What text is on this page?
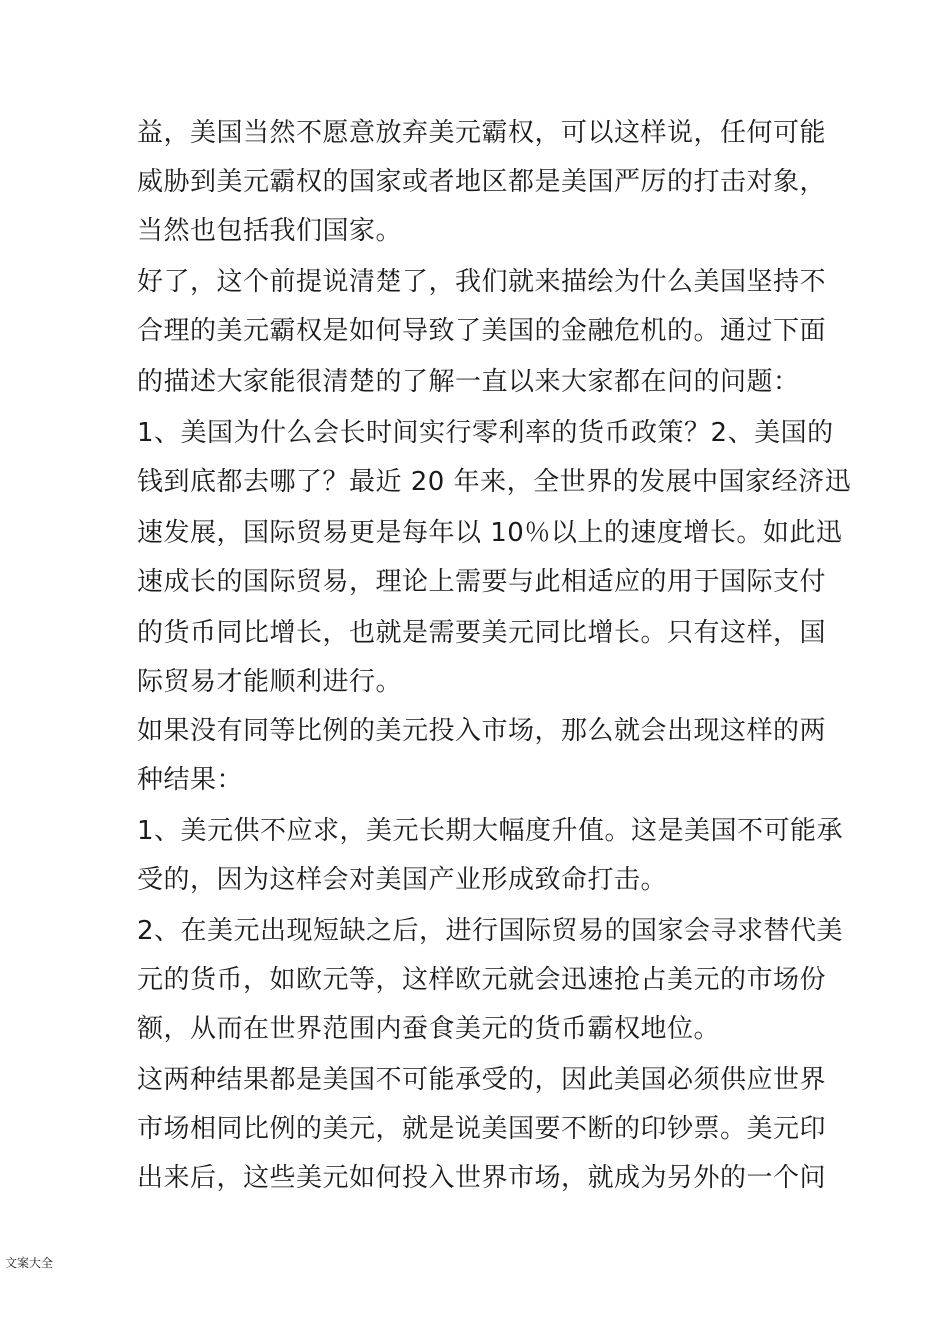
益，美国当然不愿意放弃美元霸权，可以这样说，任何可能
威胁到美元霸权的国家或者地区都是美国严厉的打击对象，
当然也包括我们国家。
好了，这个前提说清楚了，我们就来描绘为什么美国坚持不
合理的美元霸权是如何导致了美国的金融危机的。通过下面
的描述大家能很清楚的了解一直以来大家都在问的问题：
1、美国为什么会长时间实行零利率的货币政策？2、美国的
钱到底都去哪了？最近 20 年来，全世界的发展中国家经济迅
速发展，国际贸易更是每年以 10％以上的速度增长。如此迅
速成长的国际贸易，理论上需要与此相适应的用于国际支付
的货币同比增长，也就是需要美元同比增长。只有这样，国
际贸易才能顺利进行。
如果没有同等比例的美元投入市场，那么就会出现这样的两
种结果：
1、美元供不应求，美元长期大幅度升值。这是美国不可能承
受的，因为这样会对美国产业形成致命打击。
2、在美元出现短缺之后，进行国际贸易的国家会寻求替代美
元的货币，如欧元等，这样欧元就会迅速抢占美元的市场份
额，从而在世界范围内蚕食美元的货币霸权地位。
这两种结果都是美国不可能承受的，因此美国必须供应世界
市场相同比例的美元，就是说美国要不断的印钞票。美元印
出来后，这些美元如何投入世界市场，就成为另外的一个问
文案大全
